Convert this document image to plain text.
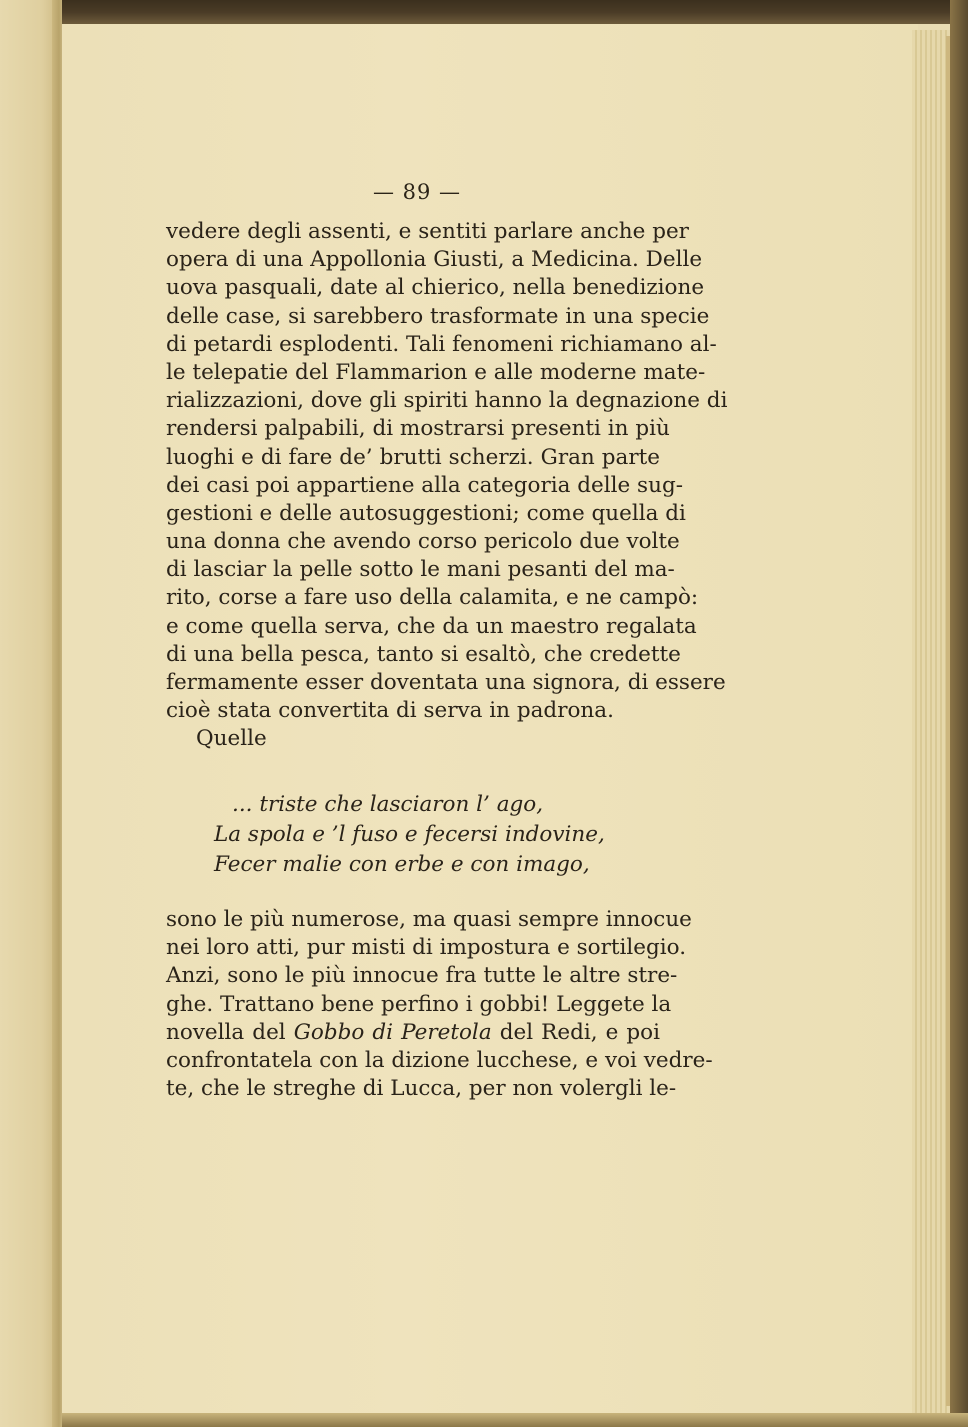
— 89 —
vedere degli assenti, e sentiti parlare anche per
opera di una Appollonia Giusti, a Medicina. Delle
uova pasquali, date al chierico, nella benedizione
delle case, si sarebbero trasformate in una specie
di petardi esplodenti. Tali fenomeni richiamano al-
le telepatie del Flammarion e alle moderne mate-
rializzazioni, dove gli spiriti hanno la degnazione di
rendersi palpabili, di mostrarsi presenti in più
luoghi e di fare de’ brutti scherzi. Gran parte
dei casi poi appartiene alla categoria delle sug-
gestioni e delle autosuggestioni; come quella di
una donna che avendo corso pericolo due volte
di lasciar la pelle sotto le mani pesanti del ma-
rito, corse a fare uso della calamita, e ne campò:
e come quella serva, che da un maestro regalata
di una bella pesca, tanto si esaltò, che credette
fermamente esser doventata una signora, di essere
cioè stata convertita di serva in padrona.
Quelle
... triste che lasciaron l’ ago,
La spola e ’l fuso e fecersi indovine,
Fecer malie con erbe e con imago,
sono le più numerose, ma quasi sempre innocue
nei loro atti, pur misti di impostura e sortilegio.
Anzi, sono le più innocue fra tutte le altre stre-
ghe. Trattano bene perfino i gobbi! Leggete la
novella del Gobbo di Peretola del Redi, e poi
confrontatela con la dizione lucchese, e voi vedre-
te, che le streghe di Lucca, per non volergli le-
